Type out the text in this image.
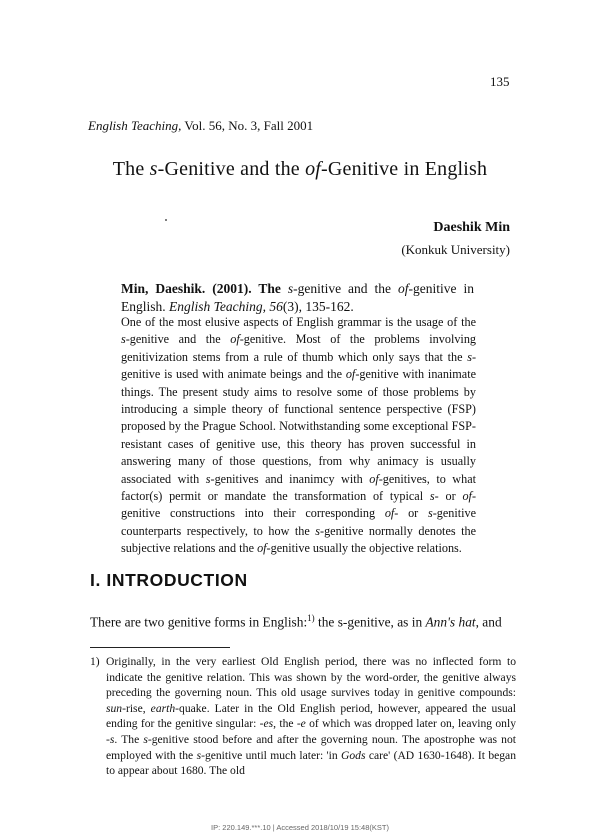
135
English Teaching, Vol. 56, No. 3, Fall 2001
The s-Genitive and the of-Genitive in English
Daeshik Min
(Konkuk University)
Min, Daeshik. (2001). The s-genitive and the of-genitive in English. English Teaching, 56(3), 135-162.
One of the most elusive aspects of English grammar is the usage of the s-genitive and the of-genitive. Most of the problems involving genitivization stems from a rule of thumb which only says that the s-genitive is used with animate beings and the of-genitive with inanimate things. The present study aims to resolve some of those problems by introducing a simple theory of functional sentence perspective (FSP) proposed by the Prague School. Notwithstanding some exceptional FSP-resistant cases of genitive use, this theory has proven successful in answering many of those questions, from why animacy is usually associated with s-genitives and inanimcy with of-genitives, to what factor(s) permit or mandate the transformation of typical s- or of-genitive constructions into their corresponding of- or s-genitive counterparts respectively, to how the s-genitive normally denotes the subjective relations and the of-genitive usually the objective relations.
I. INTRODUCTION
There are two genitive forms in English:$^{1)}$ the s-genitive, as in Ann's hat, and
1) Originally, in the very earliest Old English period, there was no inflected form to indicate the genitive relation. This was shown by the word-order, the genitive always preceding the governing noun. This old usage survives today in genitive compounds: sun-rise, earth-quake. Later in the Old English period, however, appeared the usual ending for the genitive singular: -es, the -e of which was dropped later on, leaving only -s. The s-genitive stood before and after the governing noun. The apostrophe was not employed with the s-genitive until much later: 'in Gods care' (AD 1630-1648). It began to appear about 1680. The old
IP: 220.149.***.10 | Accessed 2018/10/19 15:48(KST)
